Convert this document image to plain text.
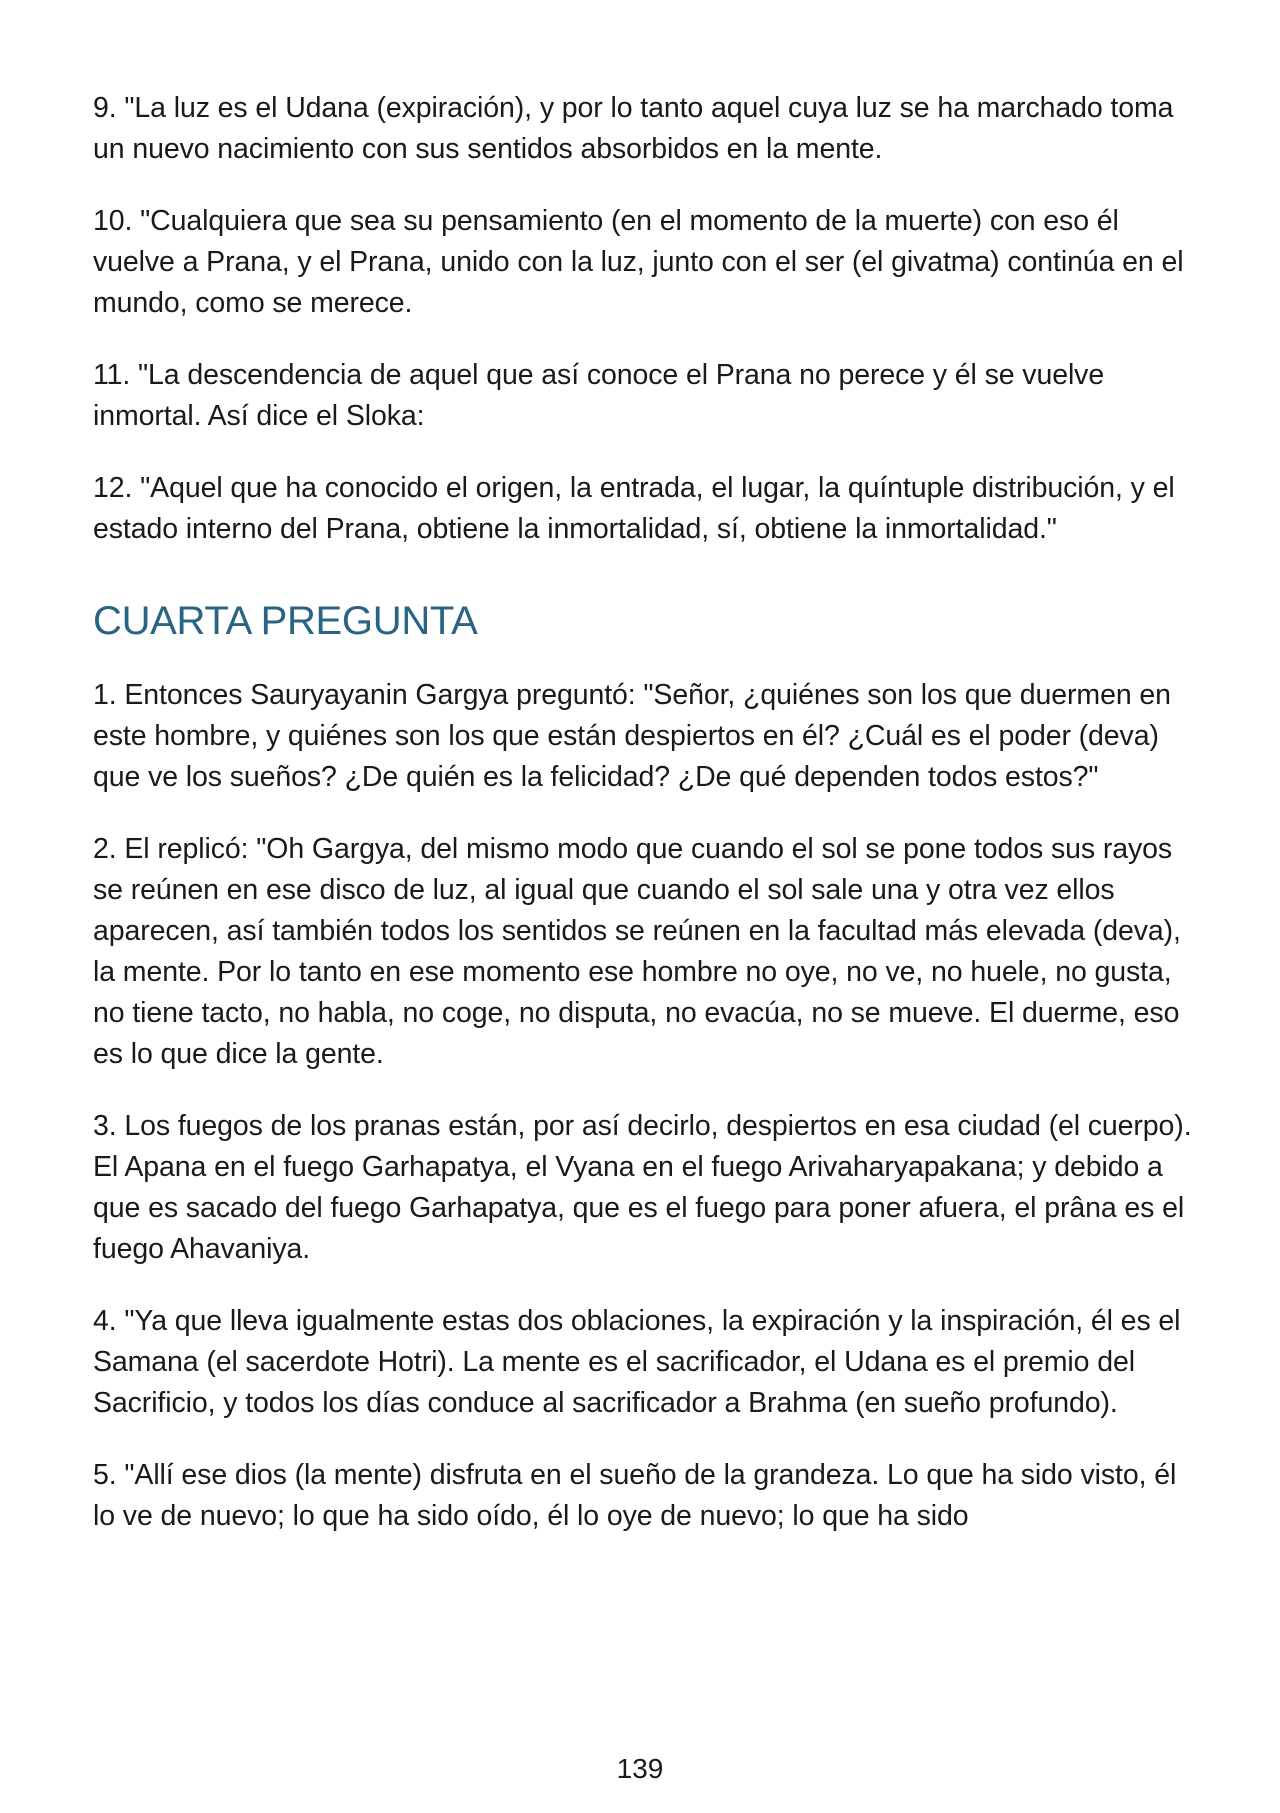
9. "La luz es el Udana (expiración), y por lo tanto aquel cuya luz se ha marchado toma un nuevo nacimiento con sus sentidos absorbidos en la mente.

10. "Cualquiera que sea su pensamiento (en el momento de la muerte) con eso él vuelve a Prana, y el Prana, unido con la luz, junto con el ser (el givatma) continúa en el mundo, como se merece.

11. "La descendencia de aquel que así conoce el Prana no perece y él se vuelve inmortal. Así dice el Sloka:

12. "Aquel que ha conocido el origen, la entrada, el lugar, la quíntuple distribución, y el estado interno del Prana, obtiene la inmortalidad, sí, obtiene la inmortalidad."

CUARTA PREGUNTA

1. Entonces Sauryayanin Gargya preguntó: "Señor, ¿quiénes son los que duermen en este hombre, y quiénes son los que están despiertos en él? ¿Cuál es el poder (deva) que ve los sueños? ¿De quién es la felicidad? ¿De qué dependen todos estos?"

2. El replicó: "Oh Gargya, del mismo modo que cuando el sol se pone todos sus rayos se reúnen en ese disco de luz, al igual que cuando el sol sale una y otra vez ellos aparecen, así también todos los sentidos se reúnen en la facultad más elevada (deva), la mente. Por lo tanto en ese momento ese hombre no oye, no ve, no huele, no gusta, no tiene tacto, no habla, no coge, no disputa, no evacúa, no se mueve. El duerme, eso es lo que dice la gente.

3. Los fuegos de los pranas están, por así decirlo, despiertos en esa ciudad (el cuerpo). El Apana en el fuego Garhapatya, el Vyana en el fuego Arivaharyapakana; y debido a que es sacado del fuego Garhapatya, que es el fuego para poner afuera, el prâna es el fuego Ahavaniya.

4. "Ya que lleva igualmente estas dos oblaciones, la expiración y la inspiración, él es el Samana (el sacerdote Hotri). La mente es el sacrificador, el Udana es el premio del Sacrificio, y todos los días conduce al sacrificador a Brahma (en sueño profundo).

5. "Allí ese dios (la mente) disfruta en el sueño de la grandeza. Lo que ha sido visto, él lo ve de nuevo; lo que ha sido oído, él lo oye de nuevo; lo que ha sido

139
